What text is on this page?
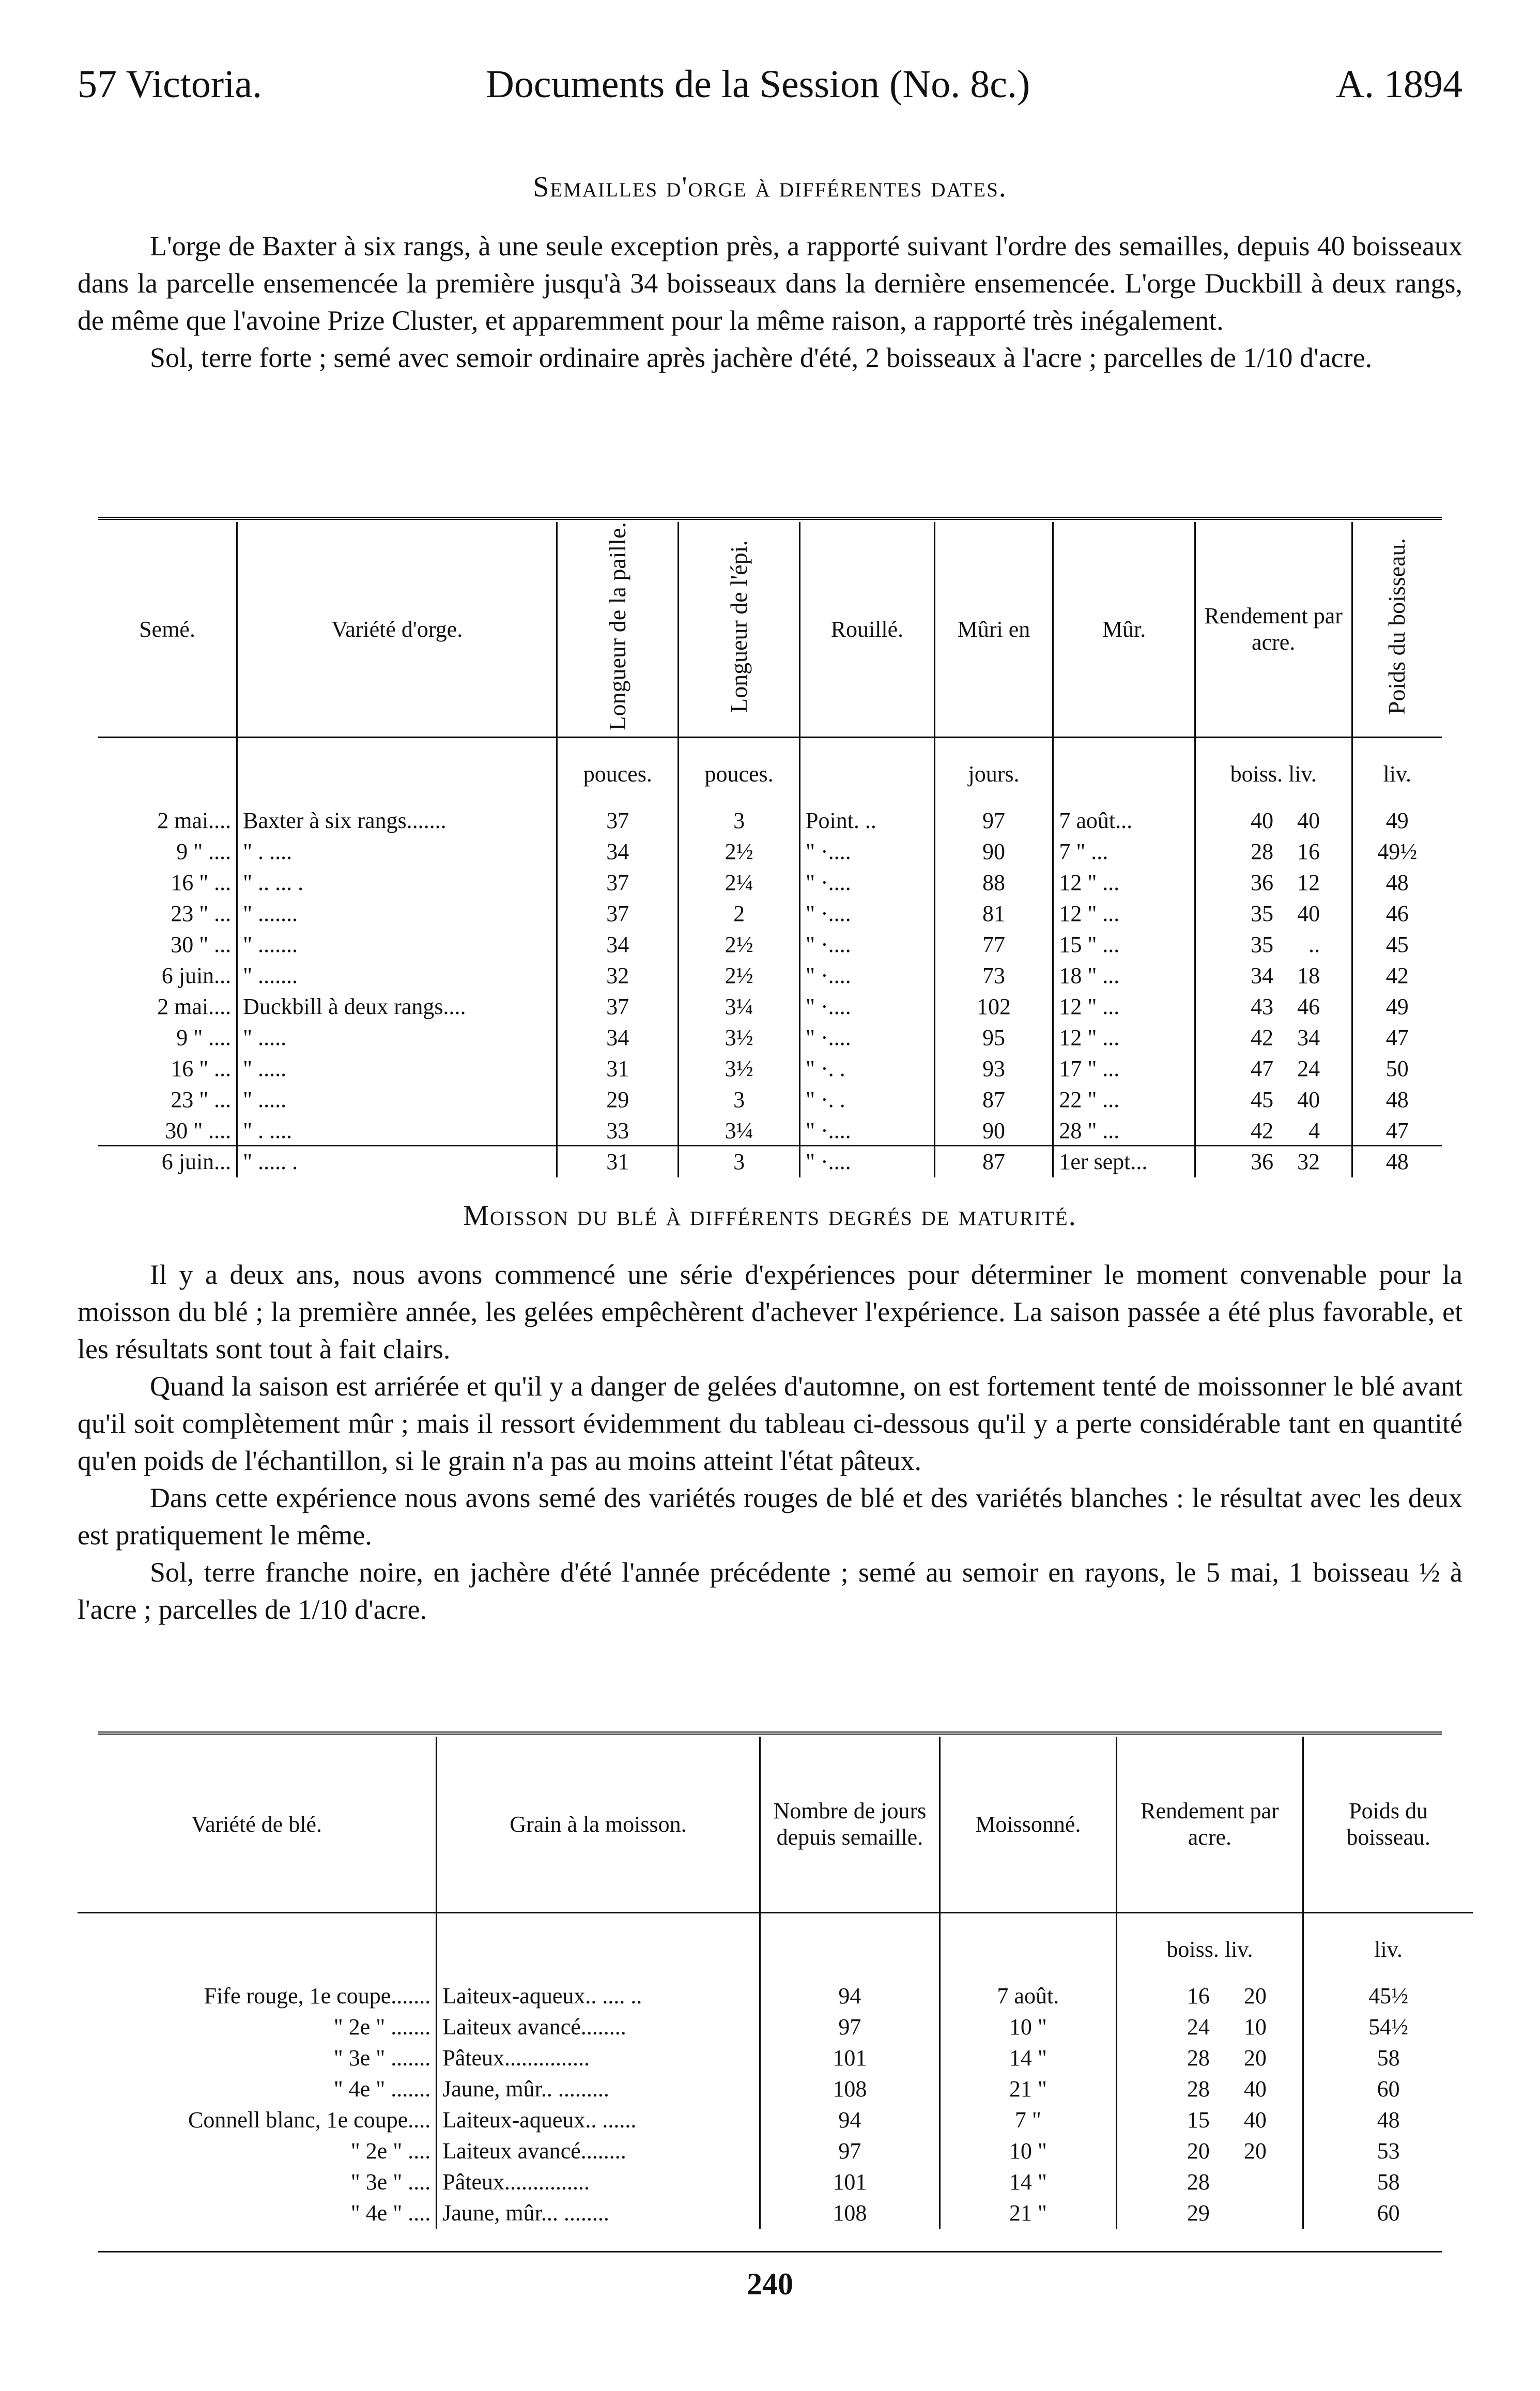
57 Victoria.	Documents de la Session (No. 8c.)	A. 1894
Semailles d'orge à différentes dates.

L'orge de Baxter à six rangs, à une seule exception près, a rapporté suivant l'ordre des semailles, depuis 40 boisseaux dans la parcelle ensemencée la première jusqu'à 34 boisseaux dans la dernière ensemencée. L'orge Duckbill à deux rangs, de même que l'avoine Prize Cluster, et apparemment pour la même raison, a rapporté très inégalement.

Sol, terre forte ; semé avec semoir ordinaire après jachère d'été, 2 boisseaux à l'acre ; parcelles de 1/10 d'acre.

Semé.	Variété d'orge.	Longueur de la paille.	Longueur de l'épi.	Rouillé.	Mûri en	Mûr.	Rendement par acre.	Poids du boisseau.
		pouces.	pouces.		jours.		boiss. liv.	liv.
2 mai....	Baxter à six rangs.......	37	3	Point. ..	97	7 août...	40 40	49
9 " ....	" . ....	34	2½	" ·....	90	7 " ...	28 16	49½
16 " ...	" .. ... .	37	2¼	" ·....	88	12 " ...	36 12	48
23 " ...	" .......	37	2	" ·....	81	12 " ...	35 40	46
30 " ...	" .......	34	2½	" ·....	77	15 " ...	35 ..	45
6 juin...	" .......	32	2½	" ·....	73	18 " ...	34 18	42
2 mai....	Duckbill à deux rangs....	37	3¼	" ·....	102	12 " ...	43 46	49
9 " ....	" .....	34	3½	" ·....	95	12 " ...	42 34	47
16 " ...	" .....	31	3½	" ·. .	93	17 " ...	47 24	50
23 " ...	" .....	29	3	" ·. .	87	22 " ...	45 40	48
30 " ....	" . ....	33	3¼	" ·....	90	28 " ...	42 4	47
6 juin...	" ..... .	31	3	" ·....	87	1er sept...	36 32	48
Moisson du blé à différents degrés de maturité.

Il y a deux ans, nous avons commencé une série d'expériences pour déterminer le moment convenable pour la moisson du blé ; la première année, les gelées empêchèrent d'achever l'expérience. La saison passée a été plus favorable, et les résultats sont tout à fait clairs.

Quand la saison est arriérée et qu'il y a danger de gelées d'automne, on est fortement tenté de moissonner le blé avant qu'il soit complètement mûr ; mais il ressort évidemment du tableau ci-dessous qu'il y a perte considérable tant en quantité qu'en poids de l'échantillon, si le grain n'a pas au moins atteint l'état pâteux.

Dans cette expérience nous avons semé des variétés rouges de blé et des variétés blanches : le résultat avec les deux est pratiquement le même.

Sol, terre franche noire, en jachère d'été l'année précédente ; semé au semoir en rayons, le 5 mai, 1 boisseau ½ à l'acre ; parcelles de 1/10 d'acre.

Variété de blé.	Grain à la moisson.	Nombre de jours depuis semaille.	Moissonné.	Rendement par acre.	Poids du boisseau.
				boiss. liv.	liv.
Fife rouge, 1e coupe.......	Laiteux-aqueux.. .... ..	94	7 août.	16 20	45½
" 2e " .......	Laiteux avancé........	97	10 "	24 10	54½
" 3e " .......	Pâteux...............	101	14 "	28 20	58
" 4e " .......	Jaune, mûr.. .........	108	21 "	28 40	60
Connell blanc, 1e coupe....	Laiteux-aqueux.. ......	94	7 "	15 40	48
" 2e " ....	Laiteux avancé........	97	10 "	20 20	53
" 3e " ....	Pâteux...............	101	14 "	28	58
" 4e " ....	Jaune, mûr... ........	108	21 "	29	60
240
